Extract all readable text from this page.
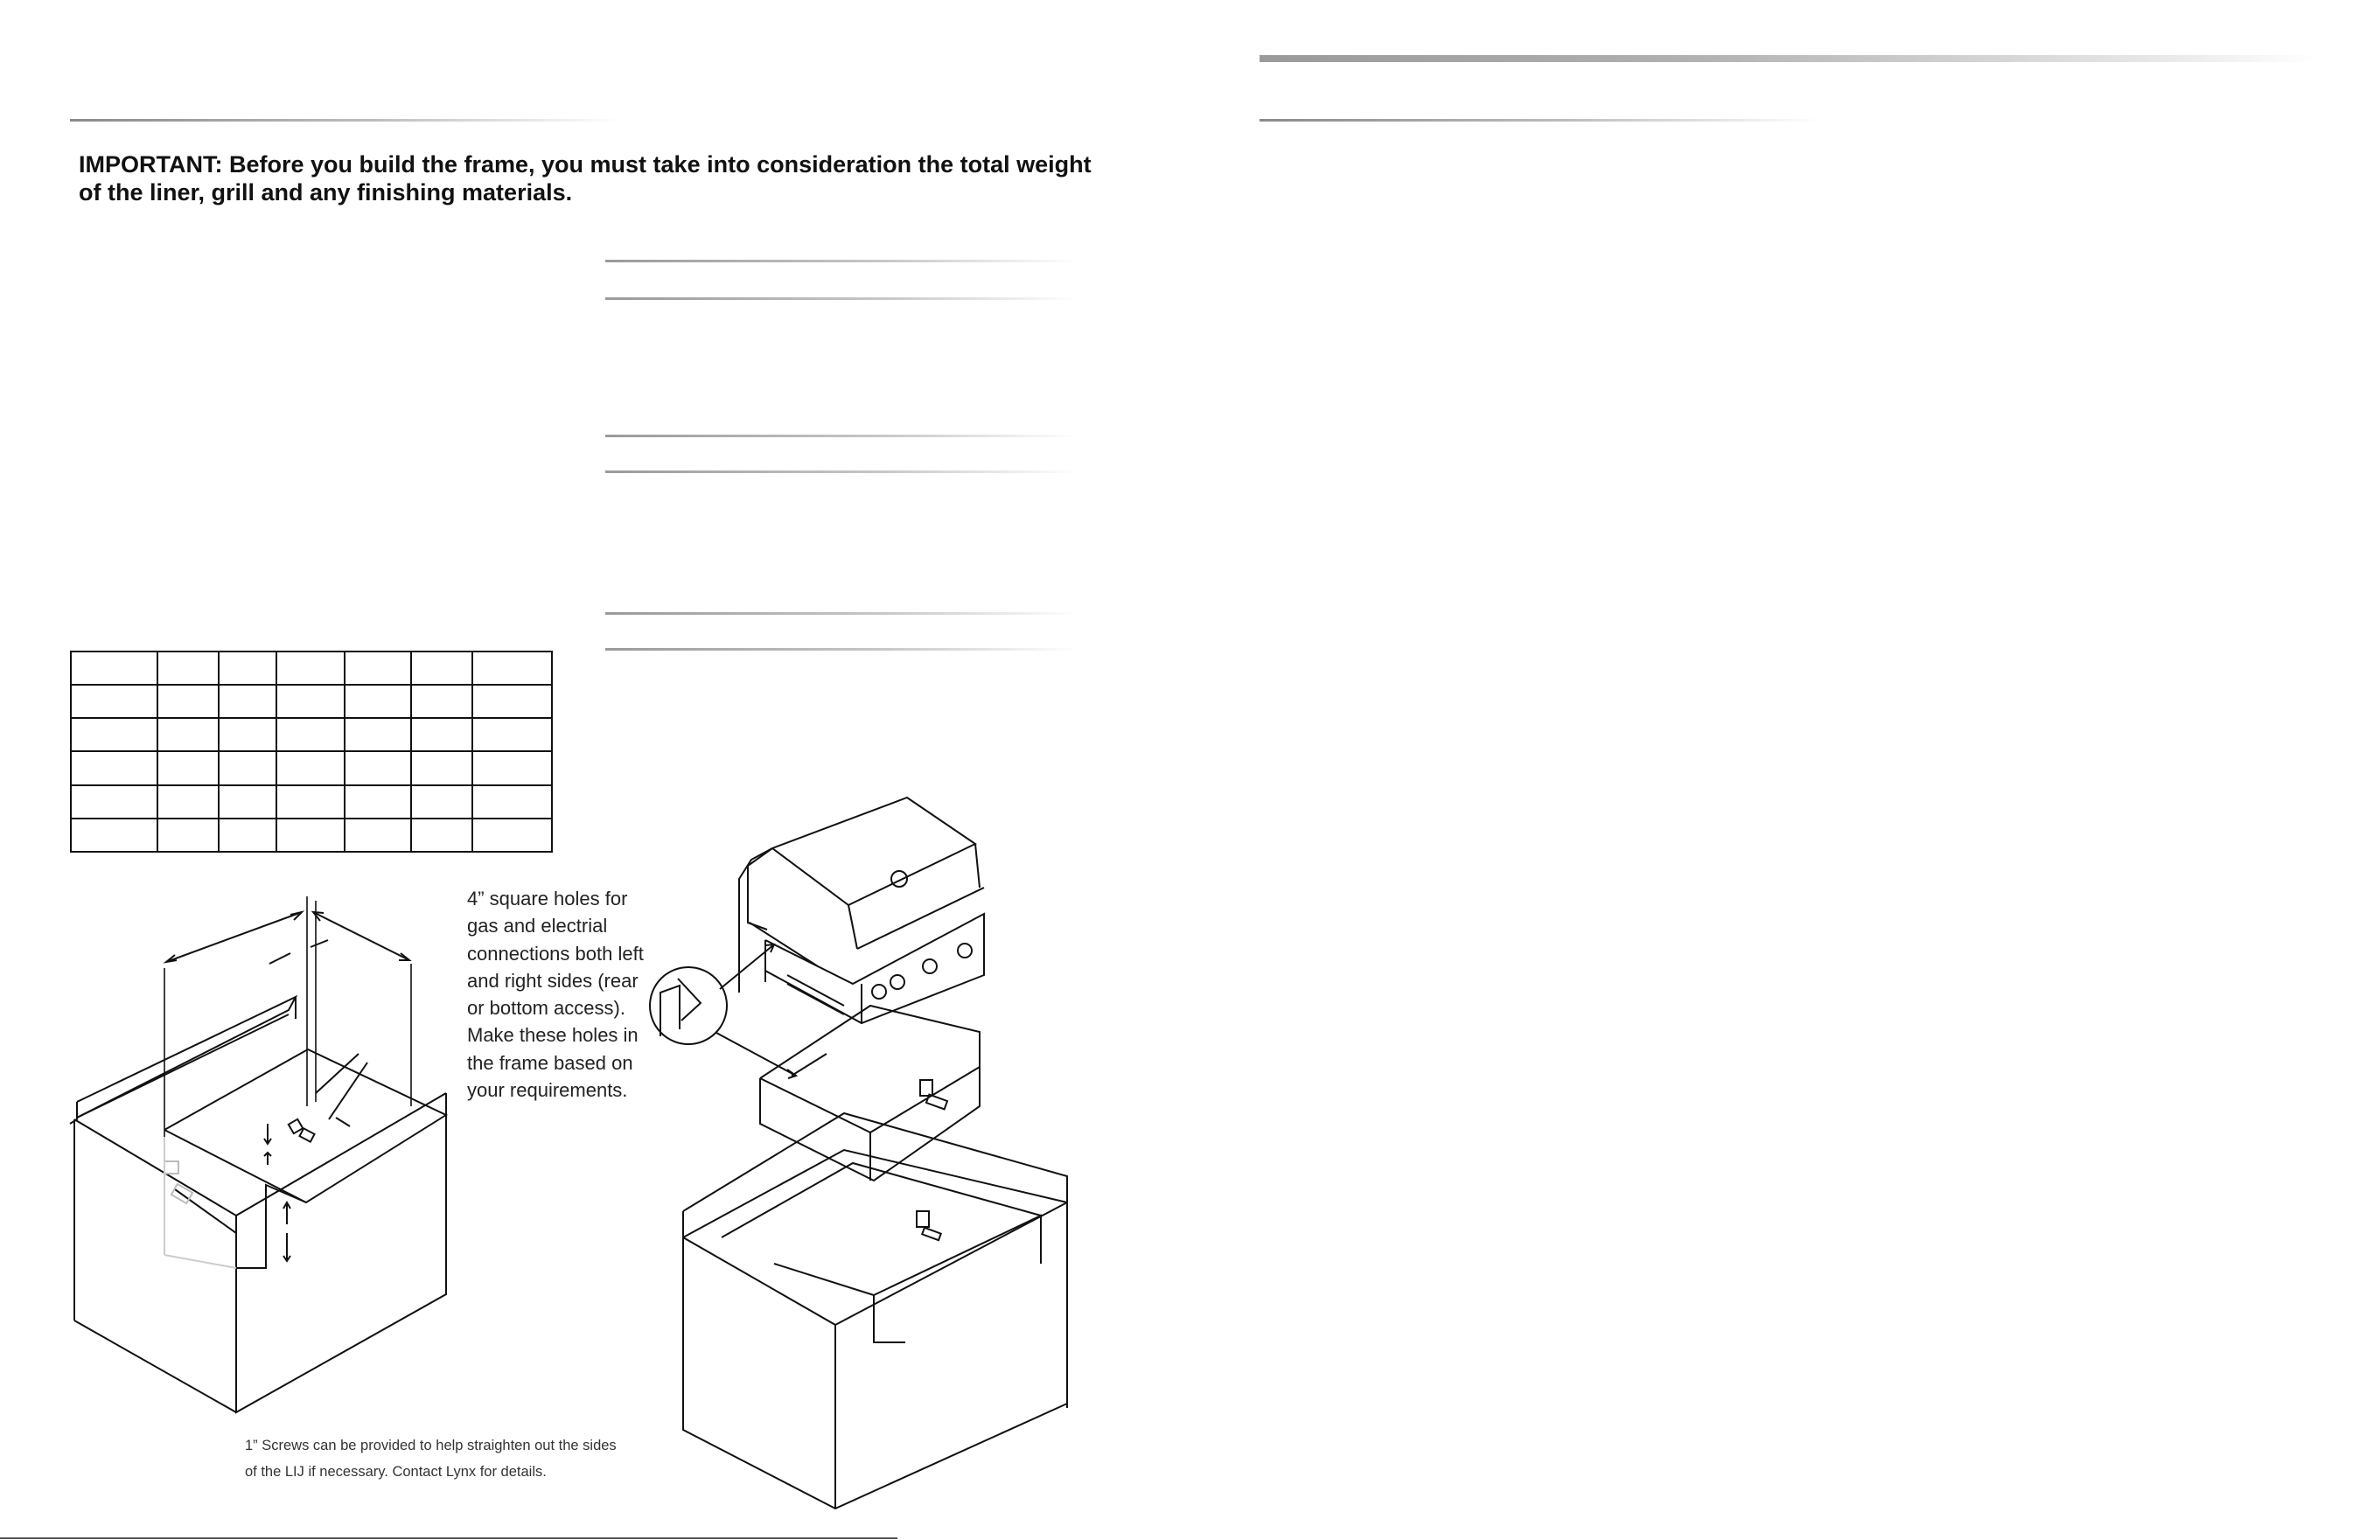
IMPORTANT: Before you build the frame, you must take into consideration the total weight of the liner, grill and any finishing materials.

4” square holes for gas and electrial connections both left and right sides (rear or bottom access). Make these holes in the frame based on your requirements.
1” Screws can be provided to help straighten out the sides of the LIJ if necessary. Contact Lynx for details.
